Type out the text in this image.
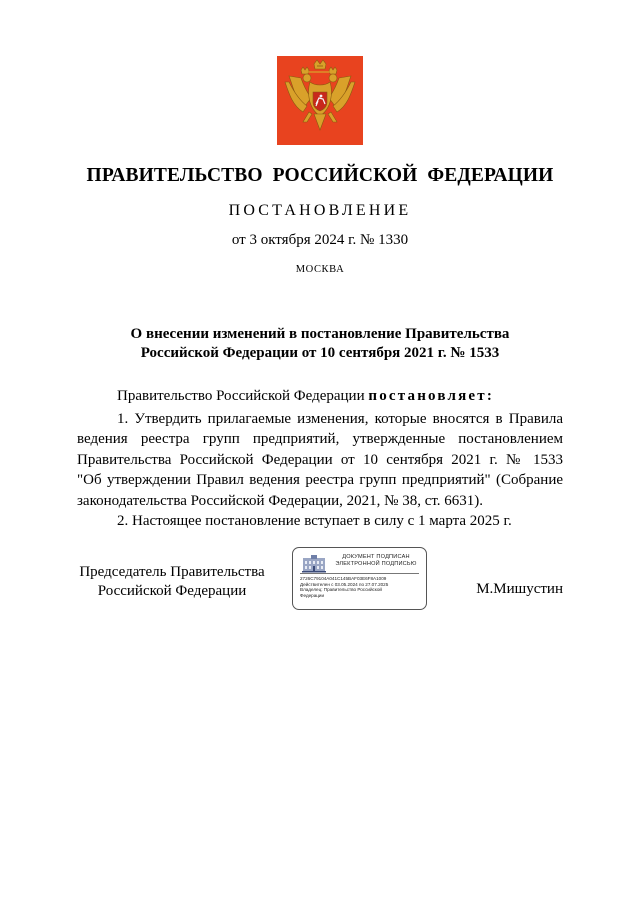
ПРАВИТЕЛЬСТВО РОССИЙСКОЙ ФЕДЕРАЦИИ
ПОСТАНОВЛЕНИЕ
от 3 октября 2024 г. № 1330
МОСКВА
О внесении изменений в постановление Правительства
Российской Федерации от 10 сентября 2021 г. № 1533

Правительство Российской Федерации постановляет:

1. Утвердить прилагаемые изменения, которые вносятся в Правила
ведения реестра групп предприятий, утвержденные постановлением
Правительства Российской Федерации от 10 сентября 2021 г. № 1533
"Об утверждении Правил ведения реестра групп предприятий" (Собрание
законодательства Российской Федерации, 2021, № 38, ст. 6631).
2. Настоящее постановление вступает в силу с 1 марта 2025 г.
Председатель Правительства
Российской Федерации
ДОКУМЕНТ ПОДПИСАН
ЭЛЕКТРОННОЙ ПОДПИСЬЮ
2726C79104A041C145BAF03E6F8A1009
Действителен с 03.05.2024 по 27.07.2025
Владелец: Правительство Российской
Федерации	М.Мишустин
